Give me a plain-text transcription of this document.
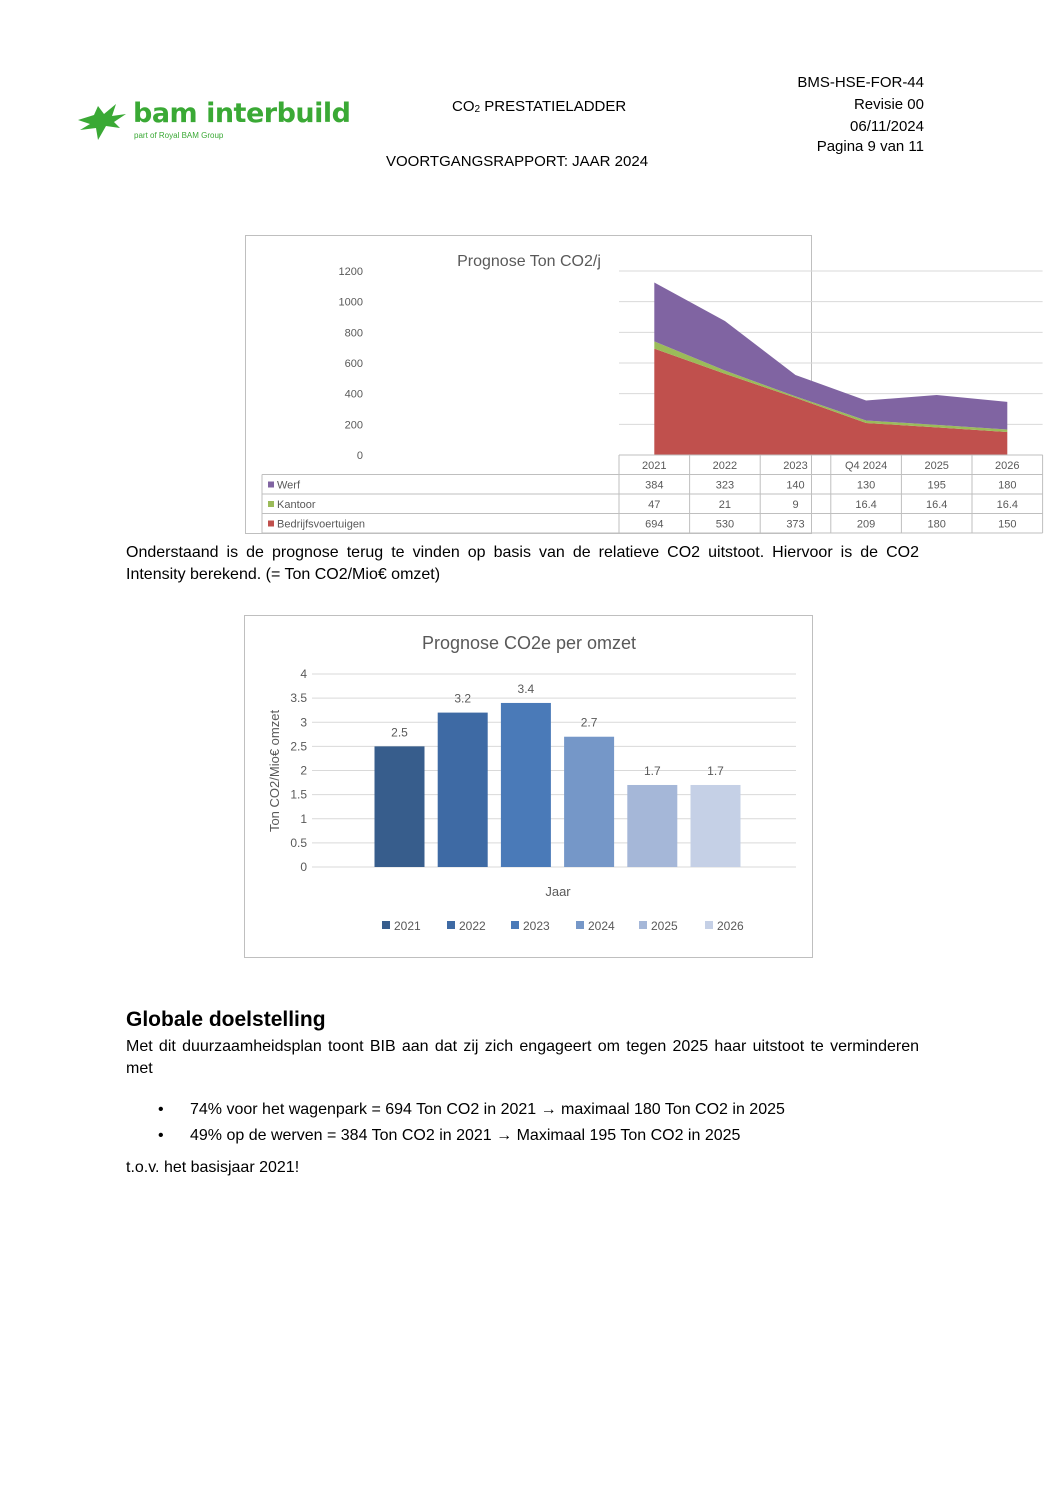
bam interbuild
part of Royal BAM Group
$CO_2$ PRESTATIELADDER
VOORTGANGSRAPPORT: JAAR 2024
BMS-HSE-FOR-44
Revisie 00
06/11/2024
Pagina 9 van 11
Prognose Ton CO2/j
0
200
400
600
800
1000
1200
2021	2022	2023	Q4 2024	2025	2026
Werf	384	323	140	130	195	180
Kantoor	47	21	9	16.4	16.4	16.4
Bedrijfsvoertuigen	694	530	373	209	180	150
Onderstaand is de prognose terug te vinden op basis van de relatieve CO2 uitstoot. Hiervoor is de CO2 Intensity berekend. (= Ton CO2/Mio€ omzet)
Prognose CO2e per omzet
0
0.5
1
1.5
2
2.5
3
3.5
4
2.5
3.2
3.4
2.7
1.7	1.7
Jaar
Ton CO2/Mio€ omzet
2021	2022	2023	2024	2025	2026
Globale doelstelling
Met dit duurzaamheidsplan toont BIB aan dat zij zich engageert om tegen 2025 haar uitstoot te verminderen met
• 74% voor het wagenpark = 694 Ton CO2 in 2021 → maximaal 180 Ton CO2 in 2025
• 49% op de werven = 384 Ton CO2 in 2021 → Maximaal 195 Ton CO2 in 2025
t.o.v. het basisjaar 2021!
